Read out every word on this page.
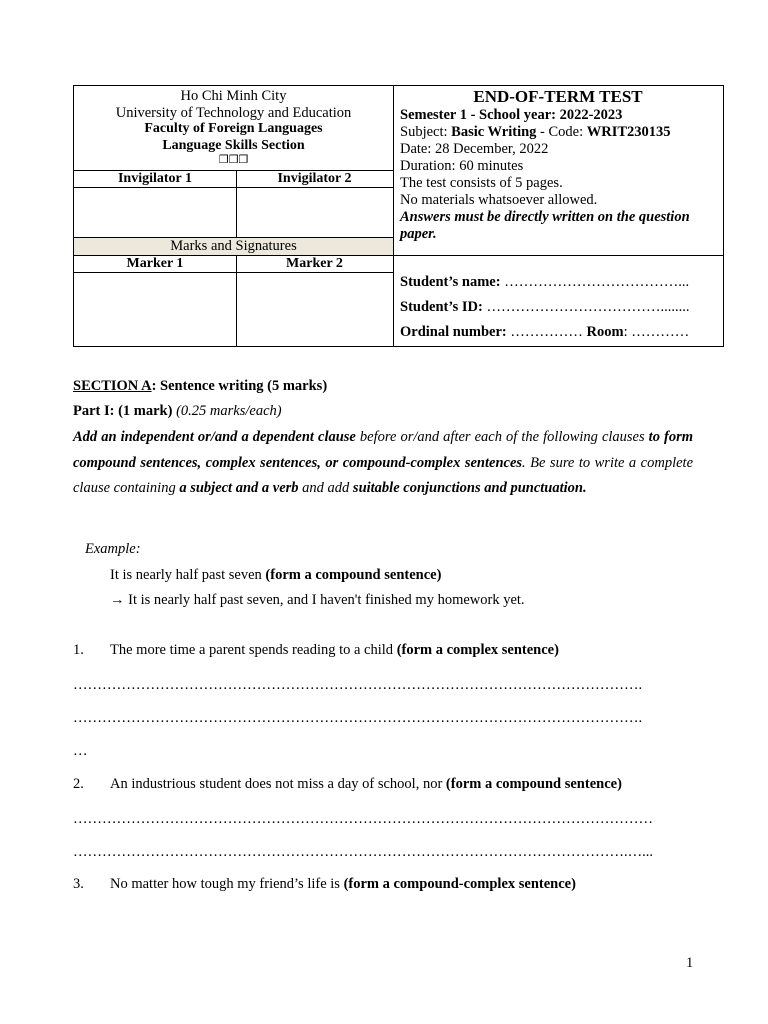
Ho Chi Minh City
University of Technology and Education
Faculty of Foreign Languages
Language Skills Section
❒❒❒
Invigilator 1	Invigilator 2
Marks and Signatures
Marker 1	Marker 2
END-OF-TERM TEST
Semester 1 - School year: 2022-2023
Subject: Basic Writing - Code: WRIT230135
Date: 28 December, 2022
Duration: 60 minutes
The test consists of 5 pages.
No materials whatsoever allowed.
Answers must be directly written on the question paper.
Student’s name: ………………………………...
Student’s ID: ………………………………........
Ordinal number: …………… Room: …………
SECTION A: Sentence writing (5 marks)
Part I: (1 mark) (0.25 marks/each)
Add an independent or/and a dependent clause before or/and after each of the following clauses to form compound sentences, complex sentences, or compound-complex sentences. Be sure to write a complete clause containing a subject and a verb and add suitable conjunctions and punctuation.
Example:
It is nearly half past seven (form a compound sentence)
→ It is nearly half past seven, and I haven't finished my homework yet.
1. The more time a parent spends reading to a child (form a complex sentence)
……………………………………………………………………………………………………….
……………………………………………………………………………………………………….
…
2. An industrious student does not miss a day of school, nor (form a compound sentence)
…………………………………………………………………………………………………………
…………………………………………………………………………………………………….…...
3. No matter how tough my friend’s life is (form a compound-complex sentence)
1
